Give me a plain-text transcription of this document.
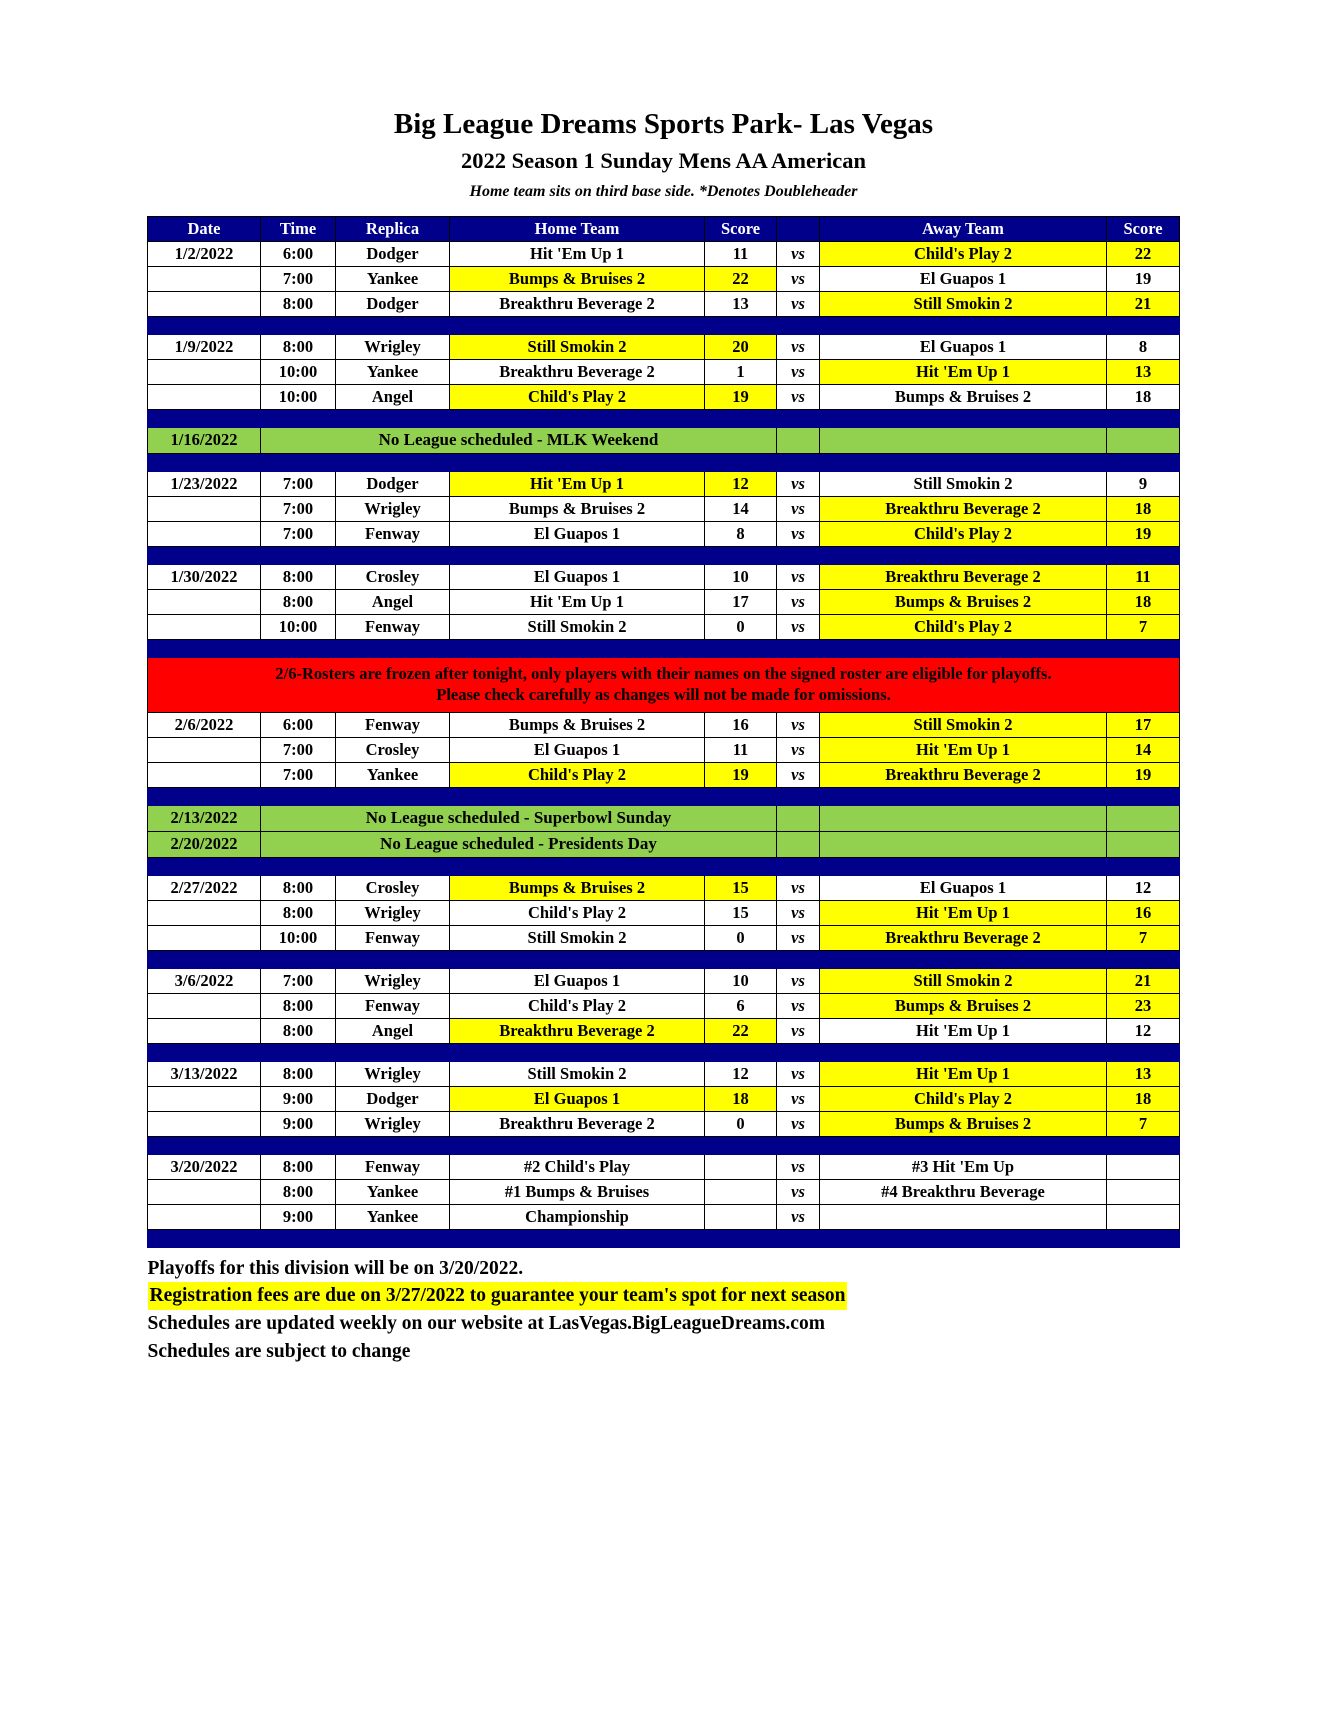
Big League Dreams Sports Park- Las Vegas
2022 Season 1 Sunday Mens AA American
Home team sits on third base side. *Denotes Doubleheader
Date	Time	Replica	Home Team	Score		Away Team	Score
1/2/2022	6:00	Dodger	Hit 'Em Up 1	11	vs	Child's Play 2	22
	7:00	Yankee	Bumps & Bruises 2	22	vs	El Guapos 1	19
	8:00	Dodger	Breakthru Beverage 2	13	vs	Still Smokin 2	21

1/9/2022	8:00	Wrigley	Still Smokin 2	20	vs	El Guapos 1	8
	10:00	Yankee	Breakthru Beverage 2	1	vs	Hit 'Em Up 1	13
	10:00	Angel	Child's Play 2	19	vs	Bumps & Bruises 2	18

1/16/2022	No League scheduled - MLK Weekend						

1/23/2022	7:00	Dodger	Hit 'Em Up 1	12	vs	Still Smokin 2	9
	7:00	Wrigley	Bumps & Bruises 2	14	vs	Breakthru Beverage 2	18
	7:00	Fenway	El Guapos 1	8	vs	Child's Play 2	19

1/30/2022	8:00	Crosley	El Guapos 1	10	vs	Breakthru Beverage 2	11
	8:00	Angel	Hit 'Em Up 1	17	vs	Bumps & Bruises 2	18
	10:00	Fenway	Still Smokin 2	0	vs	Child's Play 2	7

2/6-Rosters are frozen after tonight, only players with their names on the signed roster are eligible for playoffs.
Please check carefully as changes will not be made for omissions.							

2/6/2022	6:00	Fenway	Bumps & Bruises 2	16	vs	Still Smokin 2	17
	7:00	Crosley	El Guapos 1	11	vs	Hit 'Em Up 1	14
	7:00	Yankee	Child's Play 2	19	vs	Breakthru Beverage 2	19

2/13/2022	No League scheduled - Superbowl Sunday						
2/20/2022	No League scheduled - Presidents Day						

2/27/2022	8:00	Crosley	Bumps & Bruises 2	15	vs	El Guapos 1	12
	8:00	Wrigley	Child's Play 2	15	vs	Hit 'Em Up 1	16
	10:00	Fenway	Still Smokin 2	0	vs	Breakthru Beverage 2	7

3/6/2022	7:00	Wrigley	El Guapos 1	10	vs	Still Smokin 2	21
	8:00	Fenway	Child's Play 2	6	vs	Bumps & Bruises 2	23
	8:00	Angel	Breakthru Beverage 2	22	vs	Hit 'Em Up 1	12

3/13/2022	8:00	Wrigley	Still Smokin 2	12	vs	Hit 'Em Up 1	13
	9:00	Dodger	El Guapos 1	18	vs	Child's Play 2	18
	9:00	Wrigley	Breakthru Beverage 2	0	vs	Bumps & Bruises 2	7

3/20/2022	8:00	Fenway	#2 Child's Play		vs	#3 Hit 'Em Up	
	8:00	Yankee	#1 Bumps & Bruises		vs	#4 Breakthru Beverage	
	9:00	Yankee	Championship		vs		

Playoffs for this division will be on 3/20/2022.
Registration fees are due on 3/27/2022 to guarantee your team's spot for next season
Schedules are updated weekly on our website at LasVegas.BigLeagueDreams.com
Schedules are subject to change
